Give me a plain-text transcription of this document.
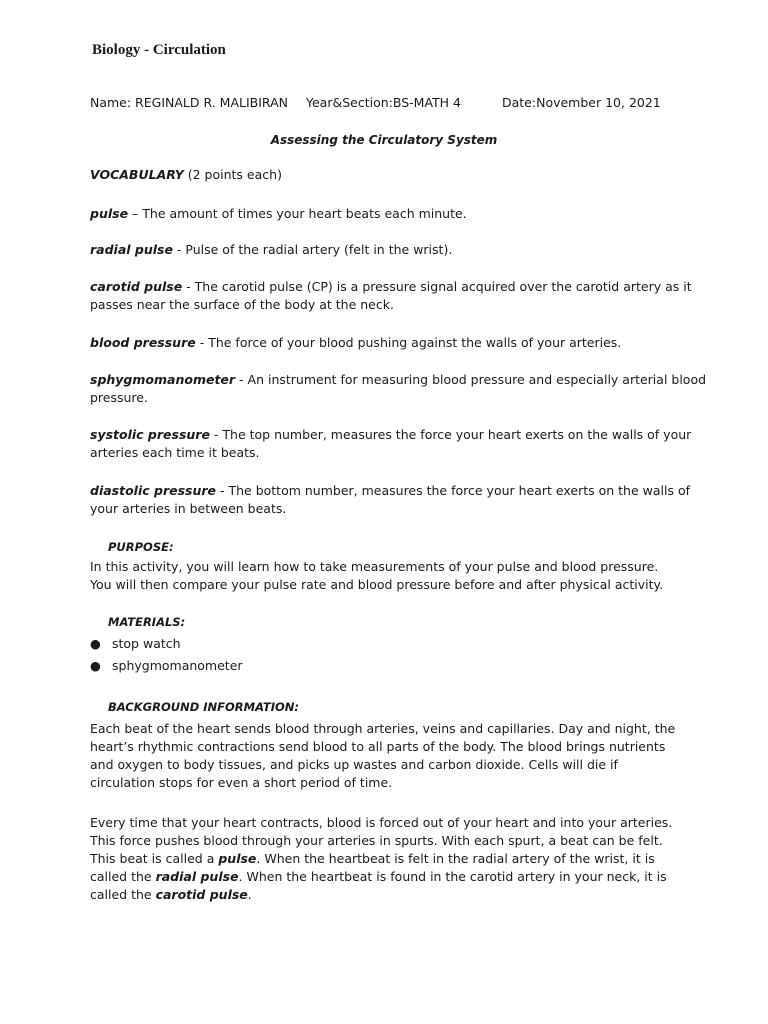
Biology - Circulation
Name: REGINALD R. MALIBIRAN Year&Section:BS-MATH 4	Date:November 10, 2021
Assessing the Circulatory System
VOCABULARY (2 points each)
pulse – The amount of times your heart beats each minute.
radial pulse - Pulse of the radial artery (felt in the wrist).
carotid pulse - The carotid pulse (CP) is a pressure signal acquired over the carotid artery as it passes near the surface of the body at the neck.
blood pressure - The force of your blood pushing against the walls of your arteries.
sphygmomanometer - An instrument for measuring blood pressure and especially arterial blood pressure.
systolic pressure - The top number, measures the force your heart exerts on the walls of your arteries each time it beats.
diastolic pressure - The bottom number, measures the force your heart exerts on the walls of your arteries in between beats.
PURPOSE:
In this activity, you will learn how to take measurements of your pulse and blood pressure. You will then compare your pulse rate and blood pressure before and after physical activity.
MATERIALS:
● stop watch
● sphygmomanometer
BACKGROUND INFORMATION:
Each beat of the heart sends blood through arteries, veins and capillaries. Day and night, the heart’s rhythmic contractions send blood to all parts of the body. The blood brings nutrients and oxygen to body tissues, and picks up wastes and carbon dioxide. Cells will die if circulation stops for even a short period of time.
Every time that your heart contracts, blood is forced out of your heart and into your arteries. This force pushes blood through your arteries in spurts. With each spurt, a beat can be felt. This beat is called a pulse. When the heartbeat is felt in the radial artery of the wrist, it is called the radial pulse. When the heartbeat is found in the carotid artery in your neck, it is called the carotid pulse.
